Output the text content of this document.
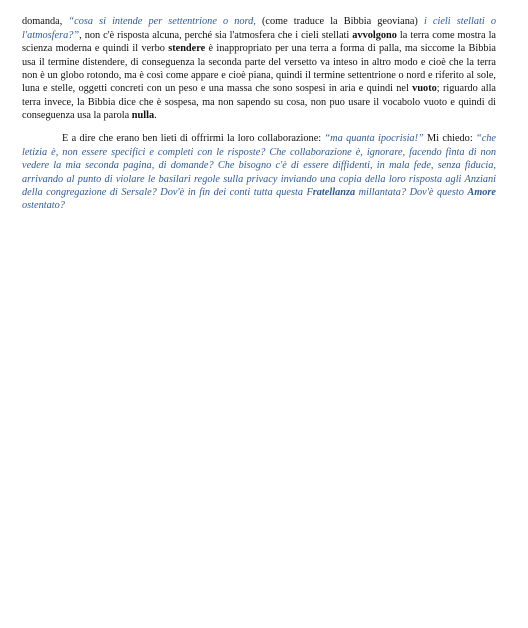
domanda, “cosa si intende per settentrione o nord, (come traduce la Bibbia geoviana) i cieli stellati o l'atmosfera?”, non c'è risposta alcuna, perché sia l'atmosfera che i cieli stellati avvolgono la terra come mostra la scienza moderna e quindi il verbo stendere è inappropriato per una terra a forma di palla, ma siccome la Bibbia usa il termine distendere, di conseguenza la seconda parte del versetto va inteso in altro modo e cioè che la terra non è un globo rotondo, ma è così come appare e cioè piana, quindi il termine settentrione o nord e riferito al sole, luna e stelle, oggetti concreti con un peso e una massa che sono sospesi in aria e quindi nel vuoto; riguardo alla terra invece, la Bibbia dice che è sospesa, ma non sapendo su cosa, non puo usare il vocabolo vuoto e quindi di conseguenza usa la parola nulla.

E a dire che erano ben lieti di offrirmi la loro collaborazione: “ma quanta ipocrisia!” Mi chiedo: “che letizia è, non essere specifici e completi con le risposte? Che collaborazione è, ignorare, facendo finta di non vedere la mia seconda pagina, di domande? Che bisogno c'è di essere diffidenti, in mala fede, senza fiducia, arrivando al punto di violare le basilari regole sulla privacy inviando una copia della loro risposta agli Anziani della congregazione di Sersale? Dov'è in fin dei conti tutta questa Fratellanza millantata? Dov'è questo Amore ostentato?
